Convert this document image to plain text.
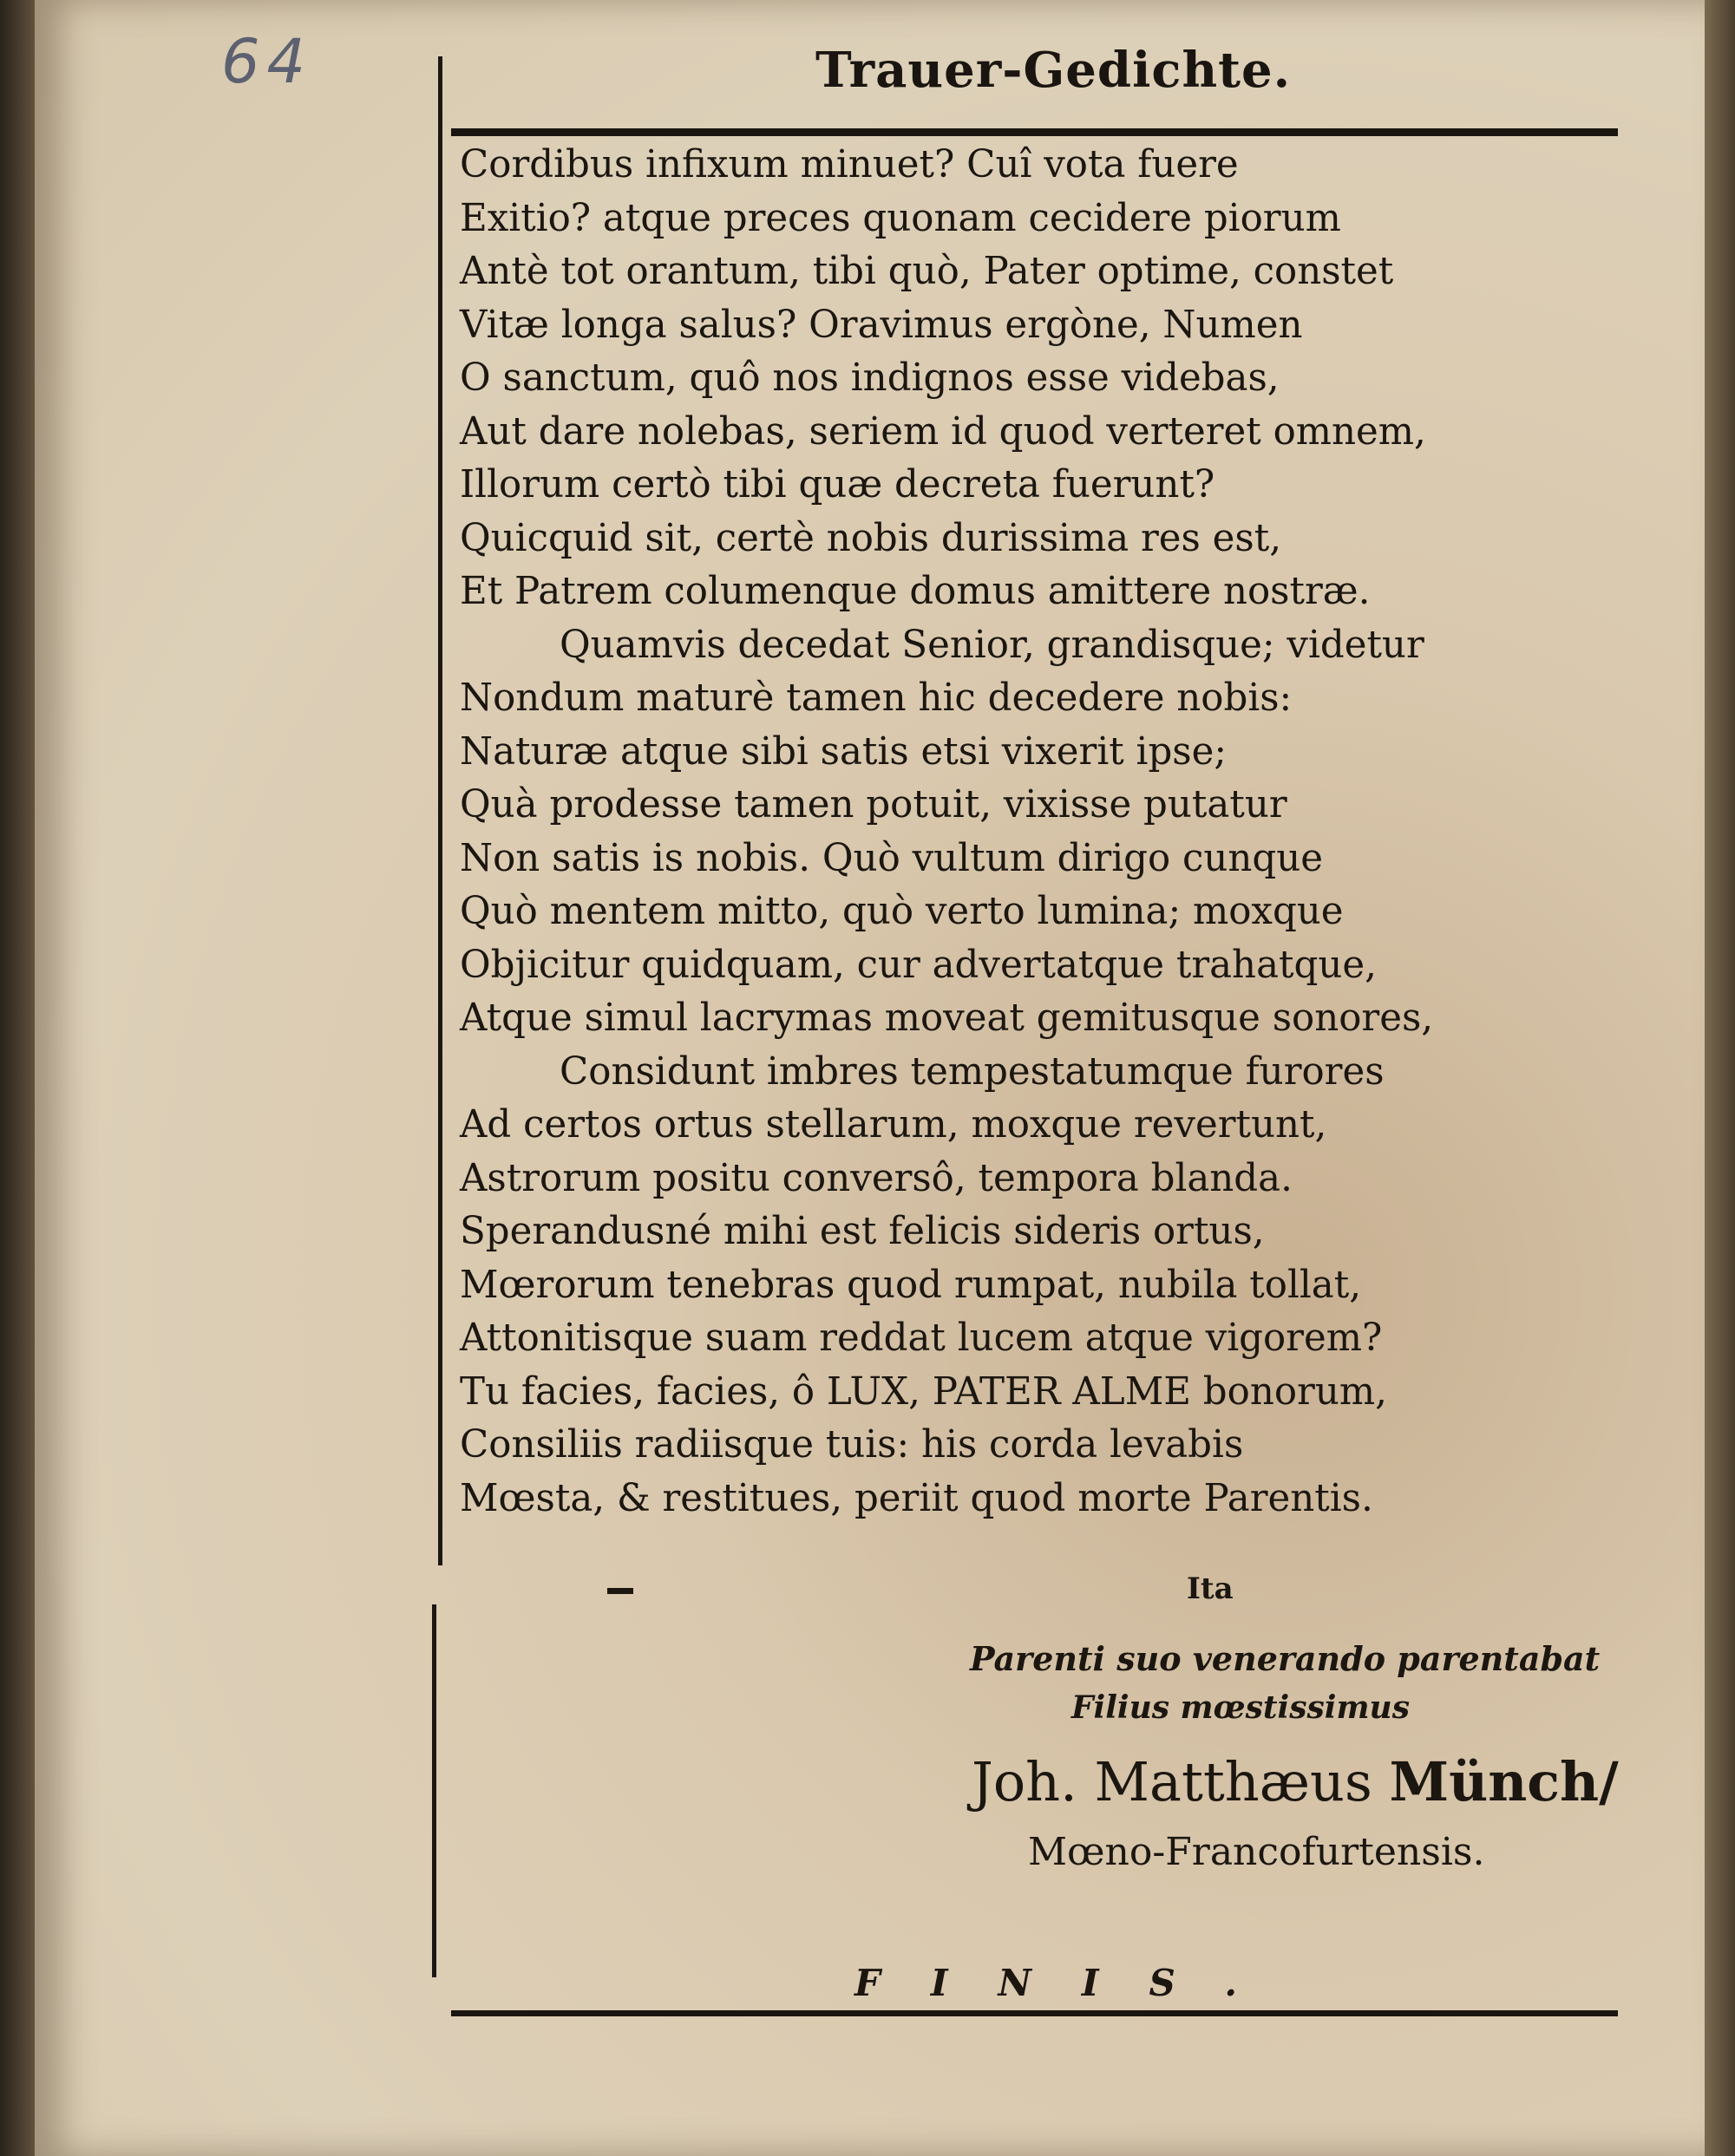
64	Trauer-Gedichte.
Cordibus infixum minuet? Cuî vota fuere
Exitio? atque preces quonam cecidere piorum
Antè tot orantum, tibi quò, Pater optime, constet
Vitæ longa salus? Oravimus ergòne, Numen
O sanctum, quô nos indignos esse videbas,
Aut dare nolebas, seriem id quod verteret omnem,
Illorum certò tibi quæ decreta fuerunt?
Quicquid sit, certè nobis durissima res est,
Et Patrem columenque domus amittere nostræ.
Quamvis decedat Senior, grandisque; videtur
Nondum maturè tamen hic decedere nobis:
Naturæ atque sibi satis etsi vixerit ipse;
Quà prodesse tamen potuit, vixisse putatur
Non satis is nobis. Quò vultum dirigo cunque
Quò mentem mitto, quò verto lumina; moxque
Objicitur quidquam, cur advertatque trahatque,
Atque simul lacrymas moveat gemitusque sonores,
Considunt imbres tempestatumque furores
Ad certos ortus stellarum, moxque revertunt,
Astrorum positu conversô, tempora blanda.
Sperandusné mihi est felicis sideris ortus,
Mœrorum tenebras quod rumpat, nubila tollat,
Attonitisque suam reddat lucem atque vigorem?
Tu facies, facies, ô LUX, PATER ALME bonorum,
Consiliis radiisque tuis: his corda levabis
Mœsta, & restitues, periit quod morte Parentis.
Ita
Parenti suo venerando parentabat
Filius mœstissimus
Joh. Matthæus Münch/
Mœno-Francofurtensis.
FINIS.
